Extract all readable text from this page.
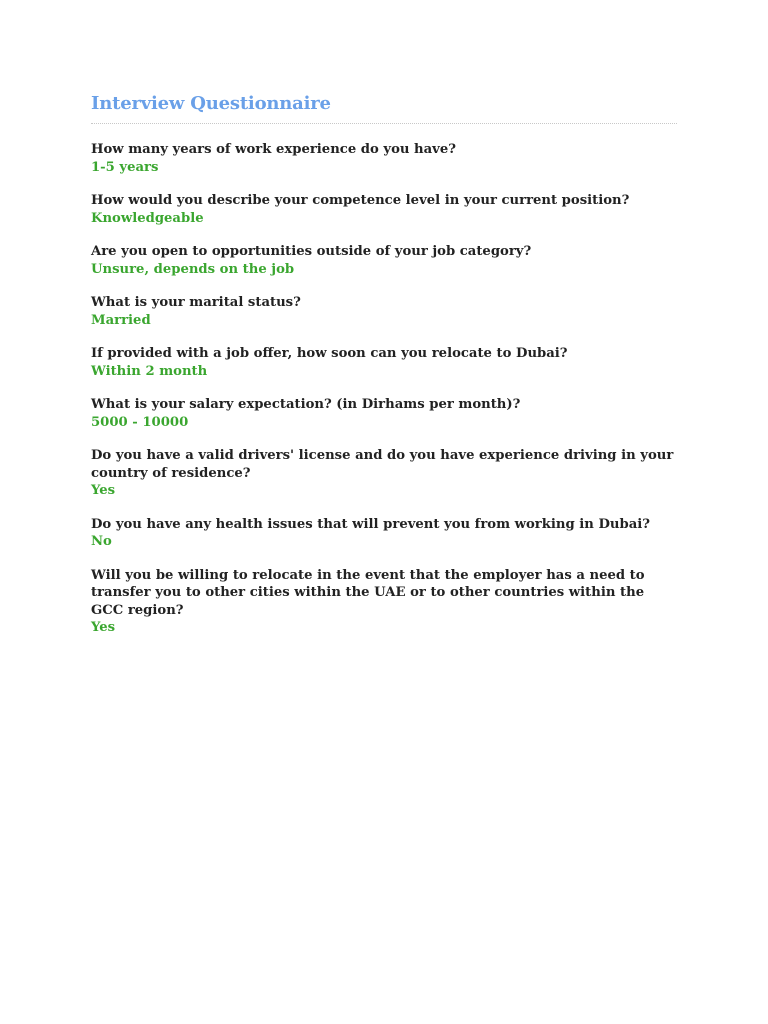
Interview Questionnaire

How many years of work experience do you have?

1-5 years

How would you describe your competence level in your current position?

Knowledgeable

Are you open to opportunities outside of your job category?

Unsure, depends on the job

What is your marital status?

Married

If provided with a job offer, how soon can you relocate to Dubai?

Within 2 month

What is your salary expectation? (in Dirhams per month)?

5000 - 10000

Do you have a valid drivers' license and do you have experience driving in your country of residence?

Yes

Do you have any health issues that will prevent you from working in Dubai?

No

Will you be willing to relocate in the event that the employer has a need to transfer you to other cities within the UAE or to other countries within the GCC region?

Yes
